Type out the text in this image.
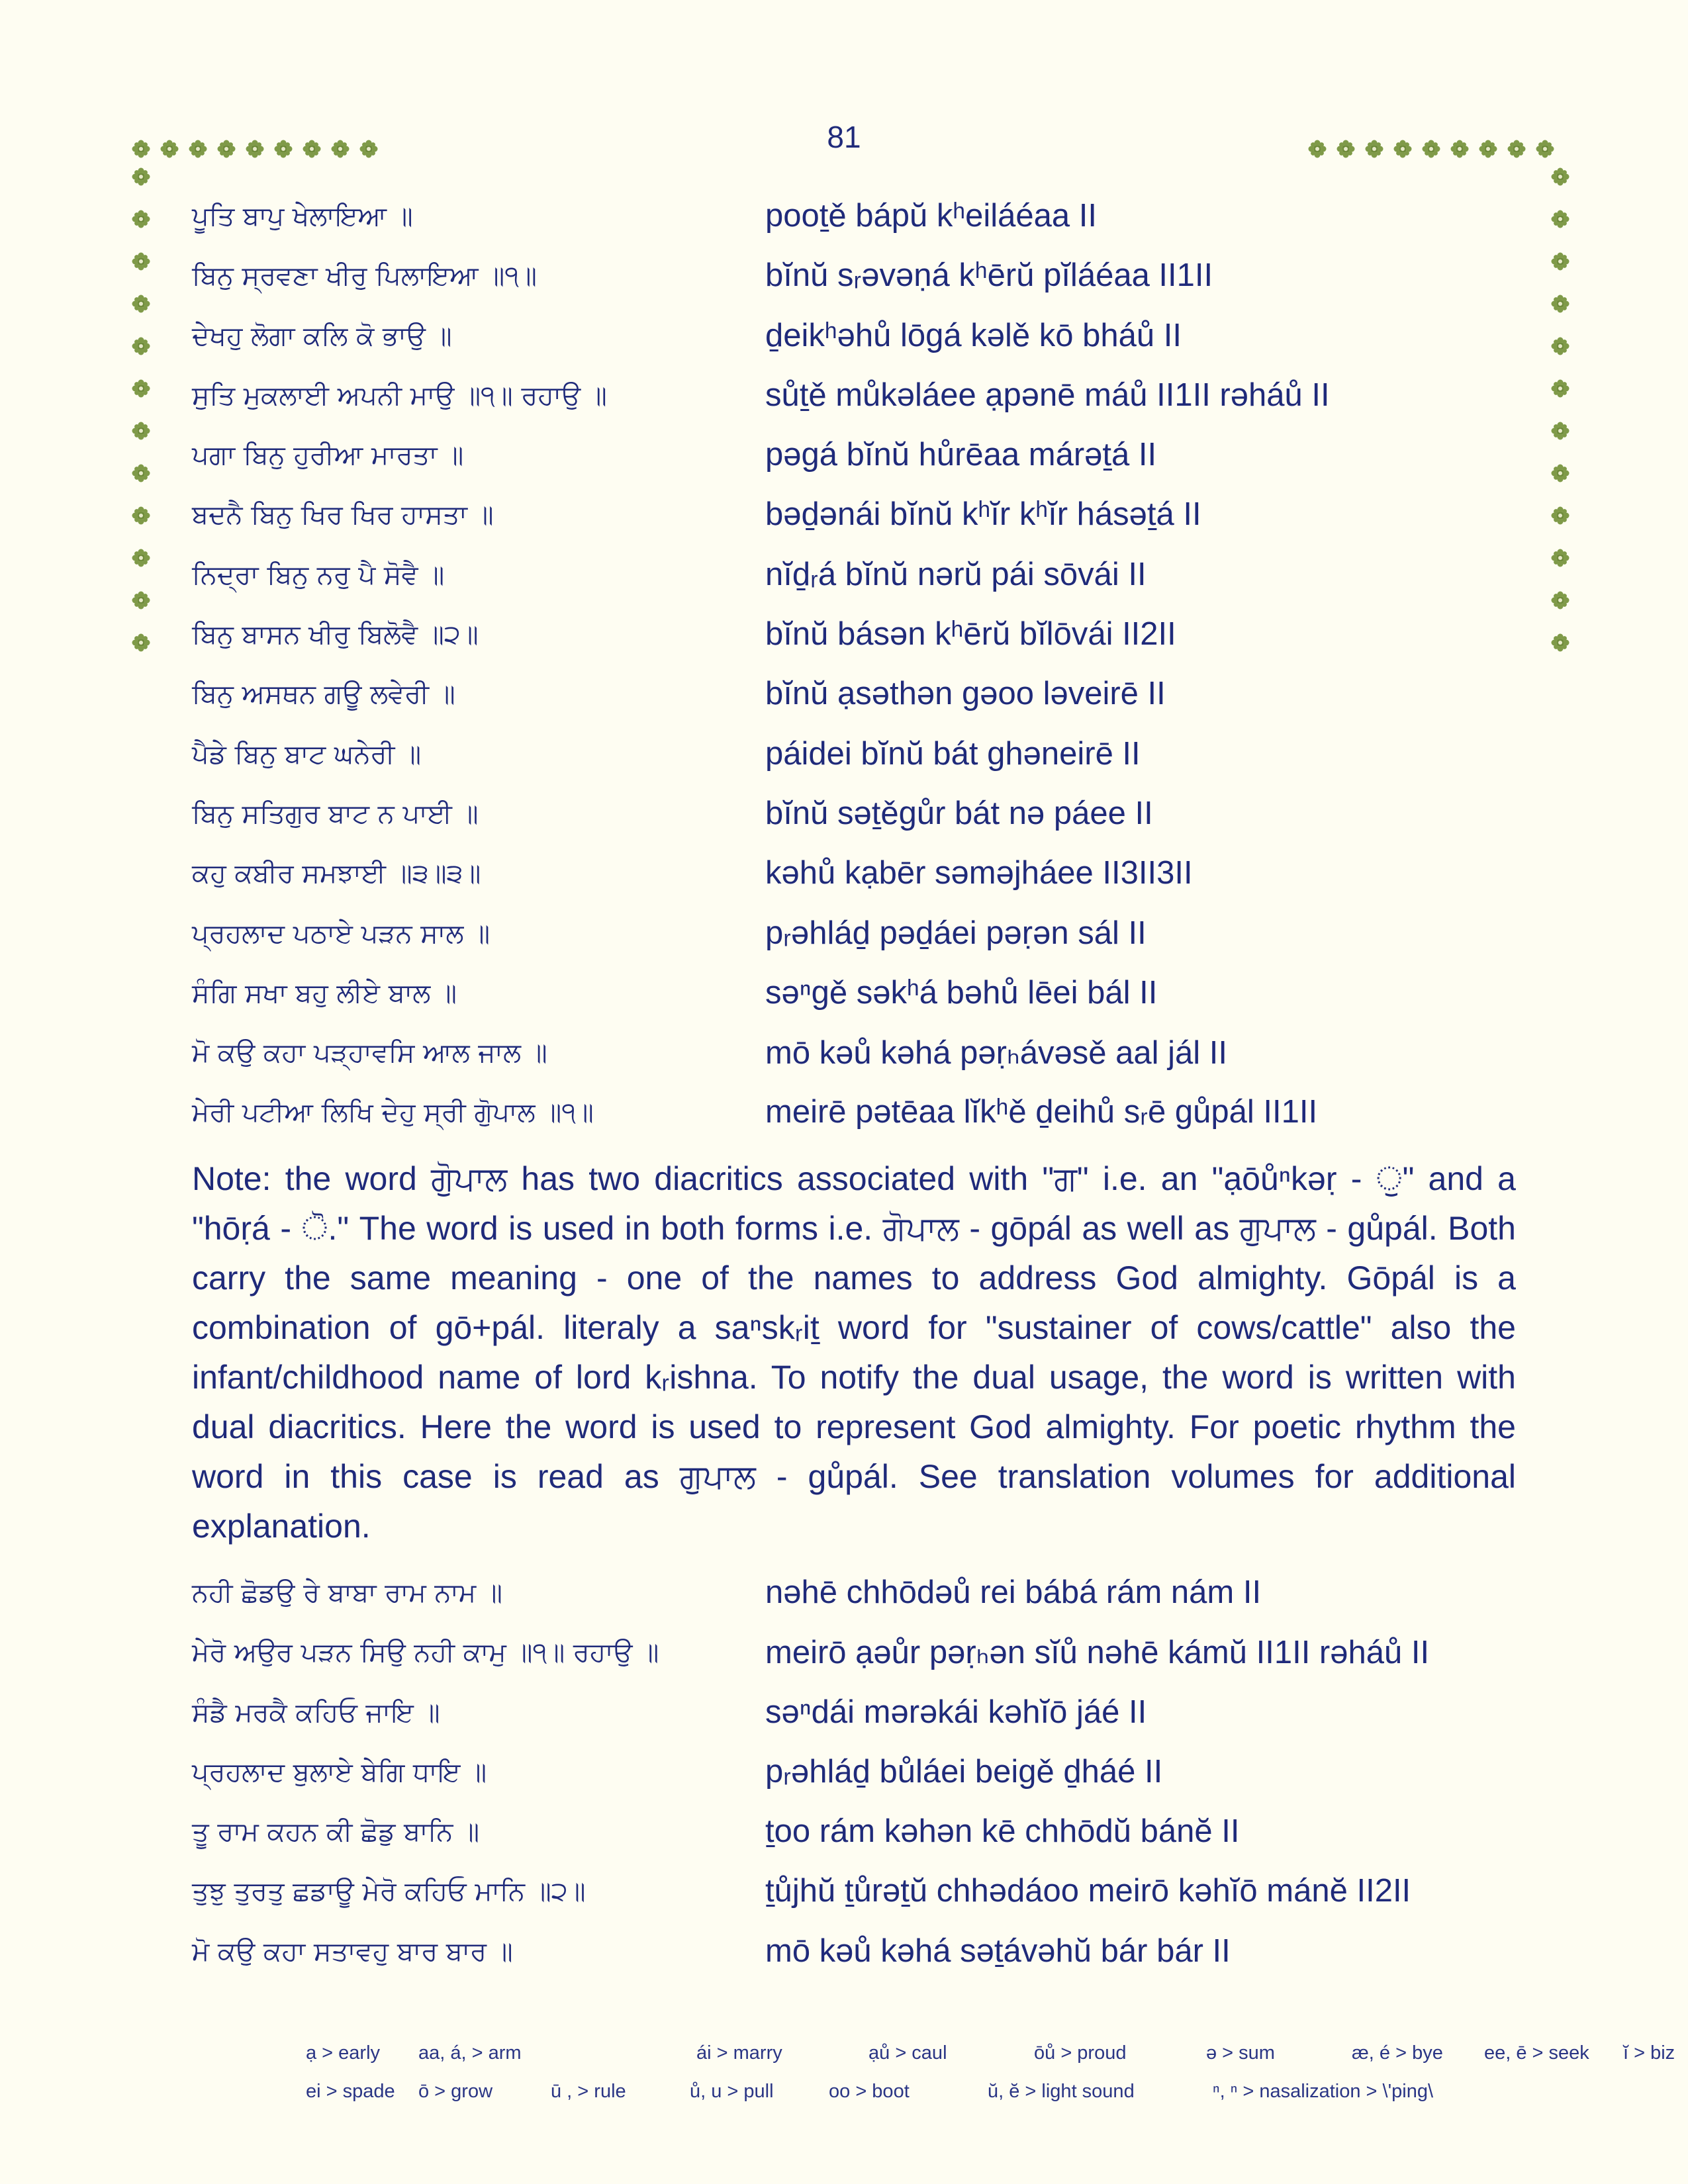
81
ਪੂਤਿ ਬਾਪੁ ਖੇਲਾਇਆ ॥	pooṯě bápŭ kʰeiláéaa II
ਬਿਨੁ ਸ੍ਰਵਣਾ ਖੀਰੁ ਪਿਲਾਇਆ ॥੧॥	bĭnŭ sᵣəvəṇá kʰērŭ pĭláéaa II1II
ਦੇਖਹੁ ਲੋਗਾ ਕਲਿ ਕੋ ਭਾਉ ॥	ḏeikʰəhů lōgá kəlě kō bháů II
ਸੁਤਿ ਮੁਕਲਾਈ ਅਪਨੀ ਮਾਉ ॥੧॥ ਰਹਾਉ ॥	sůṯě můkəláee ạpənē máů II1II rəháů II
ਪਗਾ ਬਿਨੁ ਹੁਰੀਆ ਮਾਰਤਾ ॥	pəgá bĭnŭ hůrēaa márəṯá II
ਬਦਨੈ ਬਿਨੁ ਖਿਰ ਖਿਰ ਹਾਸਤਾ ॥	bəḏənái bĭnŭ kʰĭr kʰĭr hásəṯá II
ਨਿਦ੍ਰਾ ਬਿਨੁ ਨਰੁ ਪੈ ਸੋਵੈ ॥	nĭḏᵣá bĭnŭ nərŭ pái sōvái II
ਬਿਨੁ ਬਾਸਨ ਖੀਰੁ ਬਿਲੋਵੈ ॥੨॥	bĭnŭ básən kʰērŭ bĭlōvái II2II
ਬਿਨੁ ਅਸਥਨ ਗਊ ਲਵੇਰੀ ॥	bĭnŭ ạsəthən gəoo ləveirē II
ਪੈਡੇ ਬਿਨੁ ਬਾਟ ਘਨੇਰੀ ॥	páidei bĭnŭ bát ghəneirē II
ਬਿਨੁ ਸਤਿਗੁਰ ਬਾਟ ਨ ਪਾਈ ॥	bĭnŭ səṯěgůr bát nə páee II
ਕਹੁ ਕਬੀਰ ਸਮਝਾਈ ॥੩॥੩॥	kəhů kạbēr səməjháee II3II3II
ਪ੍ਰਹਲਾਦ ਪਠਾਏ ਪੜਨ ਸਾਲ ॥	pᵣəhláḏ pəḏáei pəṛən sál II
ਸੰਗਿ ਸਖਾ ਬਹੁ ਲੀਏ ਬਾਲ ॥	səⁿgě səkʰá bəhů lēei bál II
ਮੋ ਕਉ ਕਹਾ ਪੜ੍ਹਾਵਸਿ ਆਲ ਜਾਲ ॥	mō kəů kəhá pəṛₕávəsě aal jál II
ਮੇਰੀ ਪਟੀਆ ਲਿਖਿ ਦੇਹੁ ਸ੍ਰੀ ਗੁੋਪਾਲ ॥੧॥	meirē pətēaa lĭkʰě ḏeihů sᵣē gůpál II1II
Note: the word ਗੁੋਪਾਲ has two diacritics associated with "ਗ" i.e. an "ạōůⁿkəṛ - ੁ" and a "hōṛá - ੋ." The word is used in both forms i.e. ਗੋਪਾਲ - gōpál as well as ਗੁਪਾਲ - gůpál. Both carry the same meaning - one of the names to address God almighty. Gōpál is a combination of gō+pál. literaly a saⁿskᵣiṯ word for "sustainer of cows/cattle" also the infant/childhood name of lord kᵣishna. To notify the dual usage, the word is written with dual diacritics. Here the word is used to represent God almighty. For poetic rhythm the word in this case is read as ਗੁਪਾਲ - gůpál. See translation volumes for additional explanation.
ਨਹੀ ਛੋਡਉ ਰੇ ਬਾਬਾ ਰਾਮ ਨਾਮ ॥	nəhē chhōdəů rei bábá rám nám II
ਮੇਰੋ ਅਉਰ ਪੜਨ ਸਿਉ ਨਹੀ ਕਾਮੁ ॥੧॥ ਰਹਾਉ ॥	meirō ạəůr pəṛₕən sĭů nəhē kámŭ II1II rəháů II
ਸੰਡੈ ਮਰਕੈ ਕਹਿਓ ਜਾਇ ॥	səⁿdái mərəkái kəhĭō jáé II
ਪ੍ਰਹਲਾਦ ਬੁਲਾਏ ਬੇਗਿ ਧਾਇ ॥	pᵣəhláḏ bůláei beigě ḏháé II
ਤੂ ਰਾਮ ਕਹਨ ਕੀ ਛੋਡੁ ਬਾਨਿ ॥	ṯoo rám kəhən kē chhōdŭ bánĕ II
ਤੁਝੁ ਤੁਰਤੁ ਛਡਾਊ ਮੇਰੋ ਕਹਿਓ ਮਾਨਿ ॥੨॥	ṯůjhŭ ṯůrəṯŭ chhədáoo meirō kəhĭō mánĕ II2II
ਮੋ ਕਉ ਕਹਾ ਸਤਾਵਹੁ ਬਾਰ ਬਾਰ ॥	mō kəů kəhá səṯávəhŭ bár bár II
ạ > early aa, á, > arm	ái > marry	ạů > caul	ōů > proud	ə > sum	æ, é > bye ee, ē > seek ĭ > biz
ei > spade ō > grow	ū , > rule	ů, u > pull	oo > boot	ŭ, ĕ > light sound	ⁿ, ⁿ > nasalization > \'ping\
